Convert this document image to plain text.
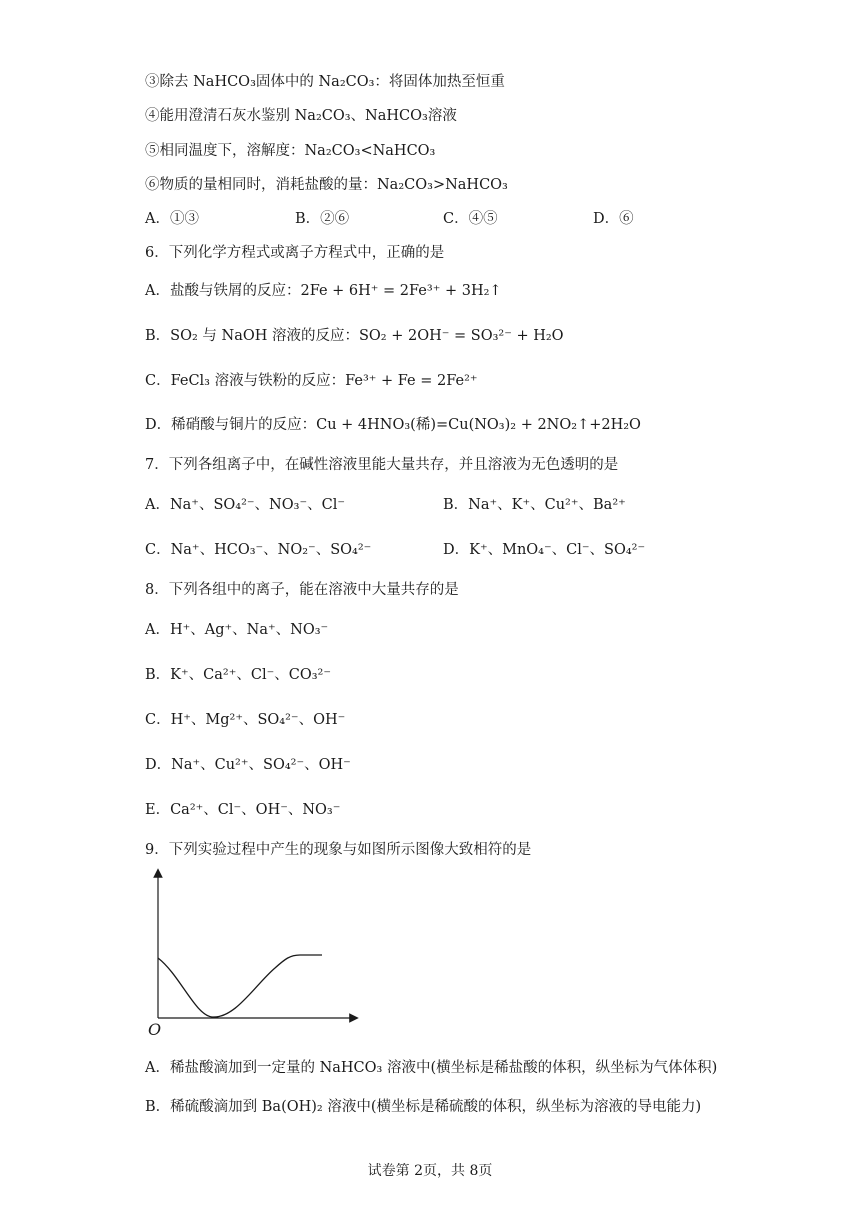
③除去 NaHCO₃固体中的 Na₂CO₃：将固体加热至恒重
④能用澄清石灰水鉴别 Na₂CO₃、NaHCO₃溶液
⑤相同温度下，溶解度：Na₂CO₃<NaHCO₃
⑥物质的量相同时，消耗盐酸的量：Na₂CO₃>NaHCO₃
A．①③	B．②⑥	C．④⑤	D．⑥
6．下列化学方程式或离子方程式中，正确的是
A．盐酸与铁屑的反应：2Fe + 6H⁺ = 2Fe³⁺ + 3H₂↑
B．SO₂ 与 NaOH 溶液的反应：SO₂ + 2OH⁻ = SO₃²⁻ + H₂O
C．FeCl₃ 溶液与铁粉的反应：Fe³⁺ + Fe = 2Fe²⁺
D．稀硝酸与铜片的反应：Cu + 4HNO₃(稀)=Cu(NO₃)₂ + 2NO₂↑+2H₂O
7．下列各组离子中，在碱性溶液里能大量共存，并且溶液为无色透明的是
A．Na⁺、SO₄²⁻、NO₃⁻、Cl⁻	B．Na⁺、K⁺、Cu²⁺、Ba²⁺
C．Na⁺、HCO₃⁻、NO₂⁻、SO₄²⁻	D．K⁺、MnO₄⁻、Cl⁻、SO₄²⁻
8．下列各组中的离子，能在溶液中大量共存的是
A．H⁺、Ag⁺、Na⁺、NO₃⁻
B．K⁺、Ca²⁺、Cl⁻、CO₃²⁻
C．H⁺、Mg²⁺、SO₄²⁻、OH⁻
D．Na⁺、Cu²⁺、SO₄²⁻、OH⁻
E．Ca²⁺、Cl⁻、OH⁻、NO₃⁻
9．下列实验过程中产生的现象与如图所示图像大致相符的是
O
A．稀盐酸滴加到一定量的 NaHCO₃ 溶液中(横坐标是稀盐酸的体积，纵坐标为气体体积)
B．稀硫酸滴加到 Ba(OH)₂ 溶液中(横坐标是稀硫酸的体积，纵坐标为溶液的导电能力)
试卷第 2页，共 8页
